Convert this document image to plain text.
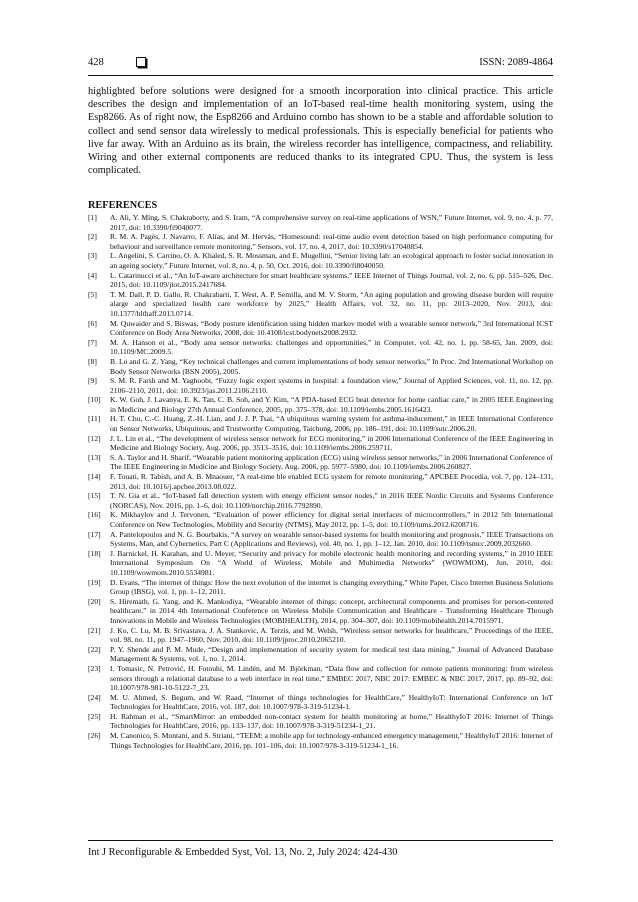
428	ISSN: 2089-4864

highlighted before solutions were designed for a smooth incorporation into clinical practice. This article describes the design and implementation of an IoT-based real-time health monitoring system, using the Esp8266. As of right now, the Esp8266 and Arduino combo has shown to be a stable and affordable solution to collect and send sensor data wirelessly to medical professionals. This is especially beneficial for patients who live far away. With an Arduino as its brain, the wireless recorder has intelligence, compactness, and reliability. Wiring and other external components are reduced thanks to its integrated CPU. Thus, the system is less complicated.

REFERENCES
[1]	A. Ali, Y. Ming, S. Chakraborty, and S. Iram, “A comprehensive survey on real-time applications of WSN,” Future Internet, vol. 9, no. 4, p. 77, 2017, doi: 10.3390/fi9040077.
[2]	R. M. A. Pagès, J. Navarro, F. Alías, and M. Hervás, “Homesound: real-time audio event detection based on high performance computing for behaviour and surveillance remote monitoring,” Sensors, vol. 17, no. 4, 2017, doi: 10.3390/s17040854.
[3]	L. Angelini, S. Carrino, O. A. Khaled, S. R. Mossman, and E. Mugellini, “Senior living lab: an ecological approach to foster social innovation in an ageing society,” Future Internet, vol. 8, no. 4, p. 50, Oct. 2016, doi: 10.3390/fi8040050.
[4]	L. Catarinucci et al., “An IoT-aware architecture for smart healthcare systems,” IEEE Internet of Things Journal, vol. 2, no. 6, pp. 515–526, Dec. 2015, doi: 10.1109/jiot.2015.2417684.
[5]	T. M. Dall, P. D. Gallo, R. Chakrabarti, T. West, A. P. Semilla, and M. V. Storm, “An aging population and growing disease burden will require alarge and specialized health care workforce by 2025,” Health Affairs, vol. 32, no. 11, pp. 2013–2020, Nov. 2013, doi: 10.1377/hlthaff.2013.0714.
[6]	M. Quwaider and S. Biswas, “Body posture identification using hidden markov model with a wearable sensor network,” 3rd International ICST Conference on Body Area Networks, 2008, doi: 10.4108/icst.bodynets2008.2932.
[7]	M. A. Hanson et al., “Body area sensor networks: challenges and opportunities,” in Computer, vol. 42, no. 1, pp. 58-65, Jan. 2009, doi: 10.1109/MC.2009.5.
[8]	B. Lo and G. Z. Yang, “Key technical challenges and current implementations of body sensor networks,” In Proc. 2nd International Workshop on Body Sensor Networks (BSN 2005), 2005.
[9]	S. M. R. Farsh and M. Yaghoobi, “Fuzzy logic expert systems in hospital: a foundation view,” Journal of Applied Sciences, vol. 11, no. 12, pp. 2106–2110, 2011, doi: 10.3923/jas.2011.2106.2110.
[10]	K. W. Goh, J. Lavanya, E. K. Tan, C. B. Soh, and Y. Kim, “A PDA-based ECG beat detector for home cardiac care,” in 2005 IEEE Engineering in Medicine and Biology 27th Annual Conference, 2005, pp. 375–378, doi: 10.1109/iembs.2005.1616423.
[11]	H. T. Chu, C.-C. Huang, Z.-H. Lian, and J. J. P. Tsai, “A ubiquitous warning system for asthma-inducement,” in IEEE International Conference on Sensor Networks, Ubiquitous, and Trustworthy Computing, Taichung, 2006, pp. 186–191, doi: 10.1109/sutc.2006.20.
[12]	J. L. Lin et al., “The development of wireless sensor network for ECG monitoring,” in 2006 International Conference of the IEEE Engineering in Medicine and Biology Society, Aug. 2006, pp. 3513–3516, doi: 10.1109/iembs.2006.259711.
[13]	S. A. Taylor and H. Sharif, “Wearable patient monitoring application (ECG) using wireless sensor networks,” in 2006 International Conference of The IEEE Engineering in Medicine and Biology Society, Aug. 2006, pp. 5977–5980, doi: 10.1109/iembs.2006.260827.
[14]	F. Touati, R. Tabish, and A. B. Mnaouer, “A real-time ble enabled ECG system for remote monitoring,” APCBEE Procedia, vol. 7, pp. 124–131, 2013, doi: 10.1016/j.apcbee.2013.08.022.
[15]	T. N. Gia et al., “IoT-based fall detection system with energy efficient sensor nodes,” in 2016 IEEE Nordic Circuits and Systems Conference (NORCAS), Nov. 2016, pp. 1–6, doi: 10.1109/norchip.2016.7792890.
[16]	K. Mikhaylov and J. Tervonen, “Evaluation of power efficiency for digital serial interfaces of microcontrollers,” in 2012 5th International Conference on New Technologies, Mobility and Security (NTMS), May 2012, pp. 1–5, doi: 10.1109/ntms.2012.6208716.
[17]	A. Pantelopoulos and N. G. Bourbakis, “A survey on wearable sensor-based systems for health monitoring and prognosis,” IEEE Transactions on Systems, Man, and Cybernetics, Part C (Applications and Reviews), vol. 40, no. 1, pp. 1–12, Jan. 2010, doi: 10.1109/tsmcc.2009.2032660.
[18]	J. Barnickel, H. Karahan, and U. Meyer, “Security and privacy for mobile electronic health monitoring and recording systems,” in 2010 IEEE International Symposium On “A World of Wireless, Mobile and Multimedia Networks” (WOWMOM), Jun. 2010, doi: 10.1109/wowmom.2010.5534981.
[19]	D. Evans, “The internet of things: How the next evolution of the internet is changing everything,” White Paper, Cisco Internet Business Solutions Group (IBSG), vol. 1, pp. 1–12, 2011.
[20]	S. Hiremath, G. Yang, and K. Mankodiya, “Wearable internet of things: concept, architectural components and promises for person-centered healthcare,” in 2014 4th International Conference on Wireless Mobile Communication and Healthcare - Transforming Healthcare Through Innovations in Mobile and Wireless Technologies (MOBIHEALTH), 2014, pp. 304–307, doi: 10.1109/mobihealth.2014.7015971.
[21]	J. Ko, C. Lu, M. B. Srivastava, J. A. Stankovic, A. Terzis, and M. Welsh, “Wireless sensor networks for healthcare,” Proceedings of the IEEE, vol. 98, no. 11, pp. 1947–1960, Nov. 2010, doi: 10.1109/jproc.2010.2065210.
[22]	P. Y. Shende and P. M. Mude, “Design and implementation of security system for medical test data mining,” Journal of Advanced Database Management & Systems, vol. 1, no. 1, 2014.
[23]	I. Tomasic, N. Petrović, H. Fotouhi, M. Lindén, and M. Björkman, “Data flow and collection for remote patients monitoring: from wireless sensors through a relational database to a web interface in real time,” EMBEC 2017, NBC 2017: EMBEC & NBC 2017, 2017, pp. 89–92, doi: 10.1007/978-981-10-5122-7_23.
[24]	M. U. Ahmed, S. Begum, and W. Raad, “Internet of things technologies for HealthCare,” HealthyIoT: International Conference on IoT Technologies for HealthCare, 2016, vol. 187, doi: 10.1007/978-3-319-51234-1.
[25]	H. Rahman et al., “SmartMirror: an embedded non-contact system for health monitoring at home,” HealthyIoT 2016: Internet of Things Technologies for HealthCare, 2016, pp. 133–137, doi: 10.1007/978-3-319-51234-1_21.
[26]	M. Canonico, S. Montani, and S. Striani, “TEEM: a mobile app for technology-enhanced emergency management,” HealthyIoT 2016: Internet of Things Technologies for HealthCare, 2016, pp. 101–106, doi: 10.1007/978-3-319-51234-1_16.
Int J Reconfigurable & Embedded Syst, Vol. 13, No. 2, July 2024: 424-430
